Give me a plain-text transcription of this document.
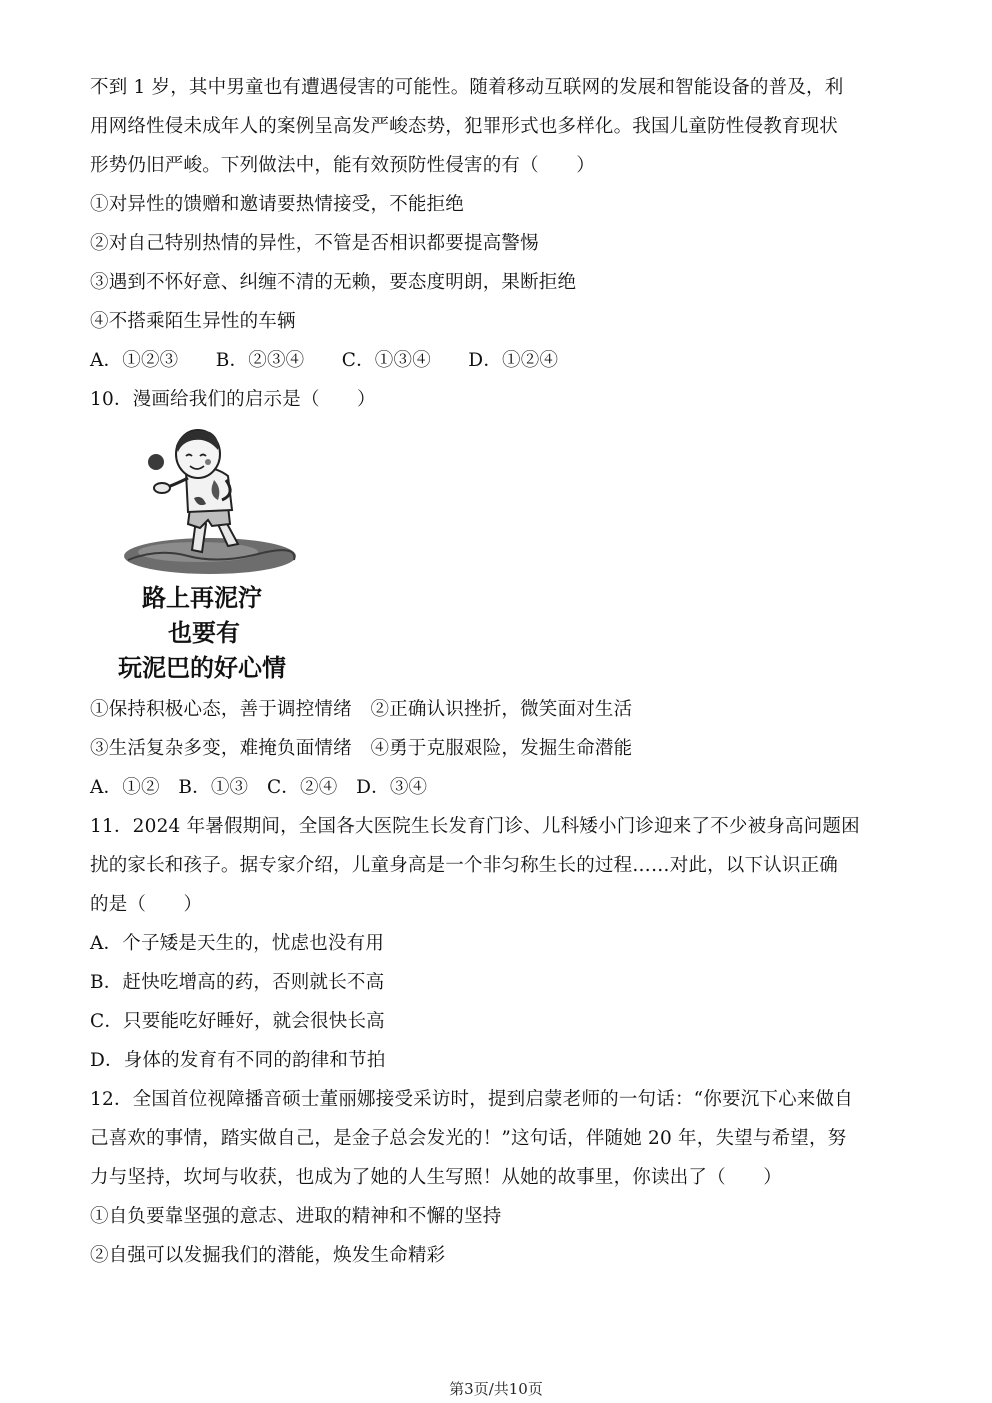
不到 1 岁，其中男童也有遭遇侵害的可能性。随着移动互联网的发展和智能设备的普及，利
用网络性侵未成年人的案例呈高发严峻态势，犯罪形式也多样化。我国儿童防性侵教育现状
形势仍旧严峻。下列做法中，能有效预防性侵害的有（　　）
①对异性的馈赠和邀请要热情接受，不能拒绝
②对自己特别热情的异性，不管是否相识都要提高警惕
③遇到不怀好意、纠缠不清的无赖，要态度明朗，果断拒绝
④不搭乘陌生异性的车辆
A．①②③　　B．②③④　　C．①③④　　D．①②④
10．漫画给我们的启示是（　　）
路上再泥泞
也要有
玩泥巴的好心情
①保持积极心态，善于调控情绪　②正确认识挫折，微笑面对生活
③生活复杂多变，难掩负面情绪　④勇于克服艰险，发掘生命潜能
A．①②　B．①③　C．②④　D．③④
11．2024 年暑假期间，全国各大医院生长发育门诊、儿科矮小门诊迎来了不少被身高问题困
扰的家长和孩子。据专家介绍，儿童身高是一个非匀称生长的过程……对此，以下认识正确
的是（　　）
A．个子矮是天生的，忧虑也没有用
B．赶快吃增高的药，否则就长不高
C．只要能吃好睡好，就会很快长高
D．身体的发育有不同的韵律和节拍
12．全国首位视障播音硕士董丽娜接受采访时，提到启蒙老师的一句话：“你要沉下心来做自
己喜欢的事情，踏实做自己，是金子总会发光的！”这句话，伴随她 20 年，失望与希望，努
力与坚持，坎坷与收获，也成为了她的人生写照！从她的故事里，你读出了（　　）
①自负要靠坚强的意志、进取的精神和不懈的坚持
②自强可以发掘我们的潜能，焕发生命精彩
第3页/共10页
